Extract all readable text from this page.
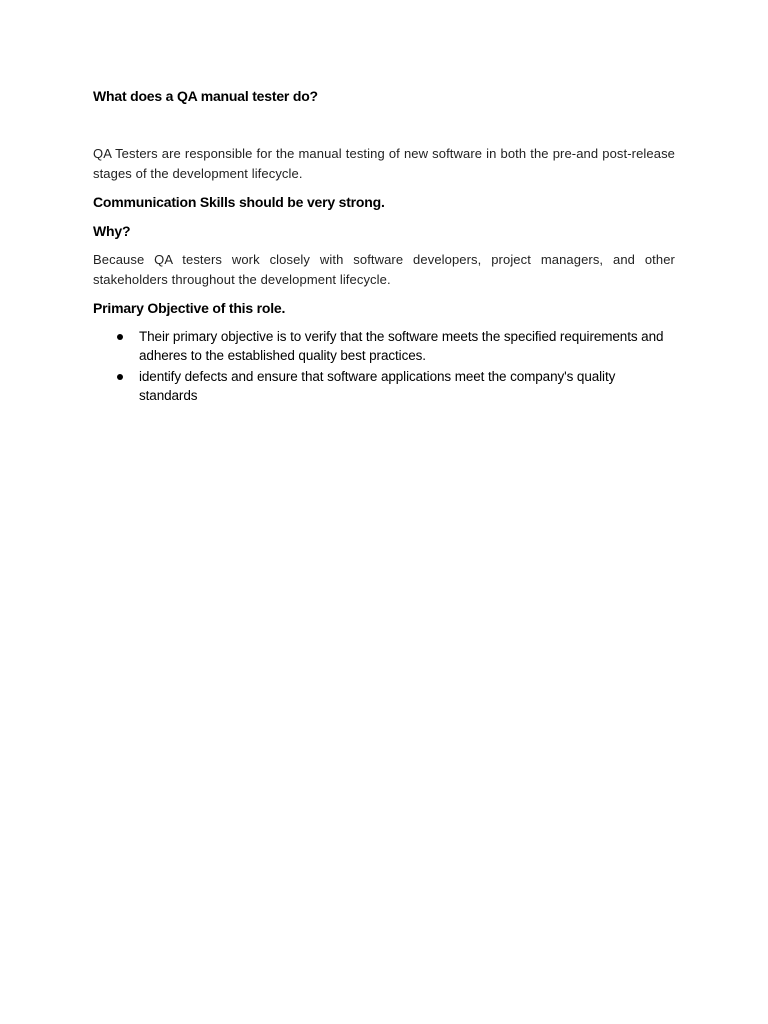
What does a QA manual tester do?

QA Testers are responsible for the manual testing of new software in both the pre-and post-release stages of the development lifecycle.

Communication Skills should be very strong.
Why?

Because QA testers work closely with software developers, project managers, and other stakeholders throughout the development lifecycle.

Primary Objective of this role.
Their primary objective is to verify that the software meets the specified requirements and adheres to the established quality best practices.
identify defects and ensure that software applications meet the company's quality standards
